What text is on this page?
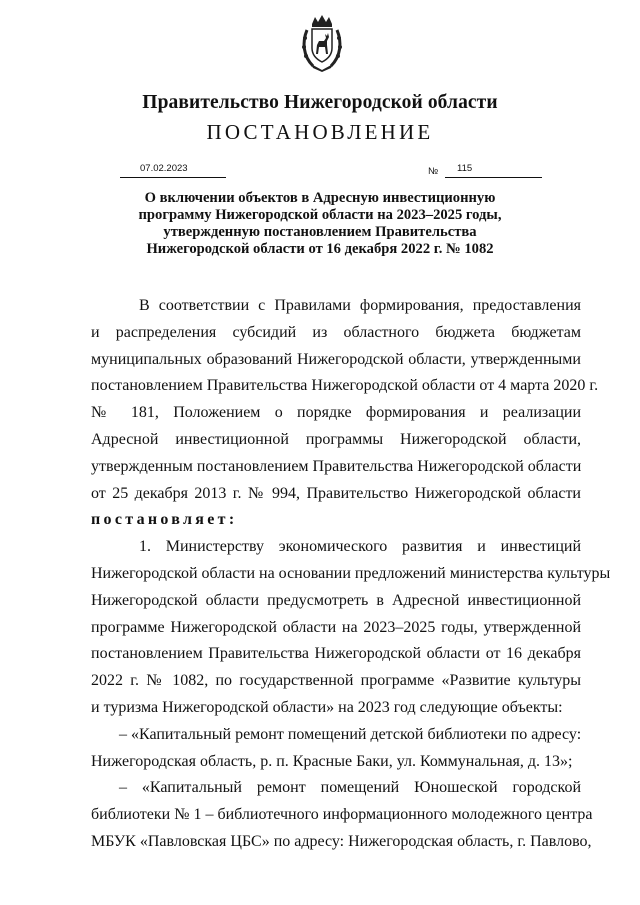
Правительство Нижегородской области
ПОСТАНОВЛЕНИЕ
07.02.2023	№ 115
О включении объектов в Адресную инвестиционную
программу Нижегородской области на 2023–2025 годы,
утвержденную постановлением Правительства
Нижегородской области от 16 декабря 2022 г. № 1082
В соответствии с Правилами формирования, предоставления
и распределения субсидий из областного бюджета бюджетам
муниципальных образований Нижегородской области, утвержденными
постановлением Правительства Нижегородской области от 4 марта 2020 г.
№ 181, Положением о порядке формирования и реализации
Адресной инвестиционной программы Нижегородской области,
утвержденным постановлением Правительства Нижегородской области
от 25 декабря 2013 г. № 994, Правительство Нижегородской области
постановляет:
1. Министерству экономического развития и инвестиций
Нижегородской области на основании предложений министерства культуры
Нижегородской области предусмотреть в Адресной инвестиционной
программе Нижегородской области на 2023–2025 годы, утвержденной
постановлением Правительства Нижегородской области от 16 декабря
2022 г. № 1082, по государственной программе «Развитие культуры
и туризма Нижегородской области» на 2023 год следующие объекты:
– «Капитальный ремонт помещений детской библиотеки по адресу:
Нижегородская область, р. п. Красные Баки, ул. Коммунальная, д. 13»;
– «Капитальный ремонт помещений Юношеской городской
библиотеки № 1 – библиотечного информационного молодежного центра
МБУК «Павловская ЦБС» по адресу: Нижегородская область, г. Павлово,
